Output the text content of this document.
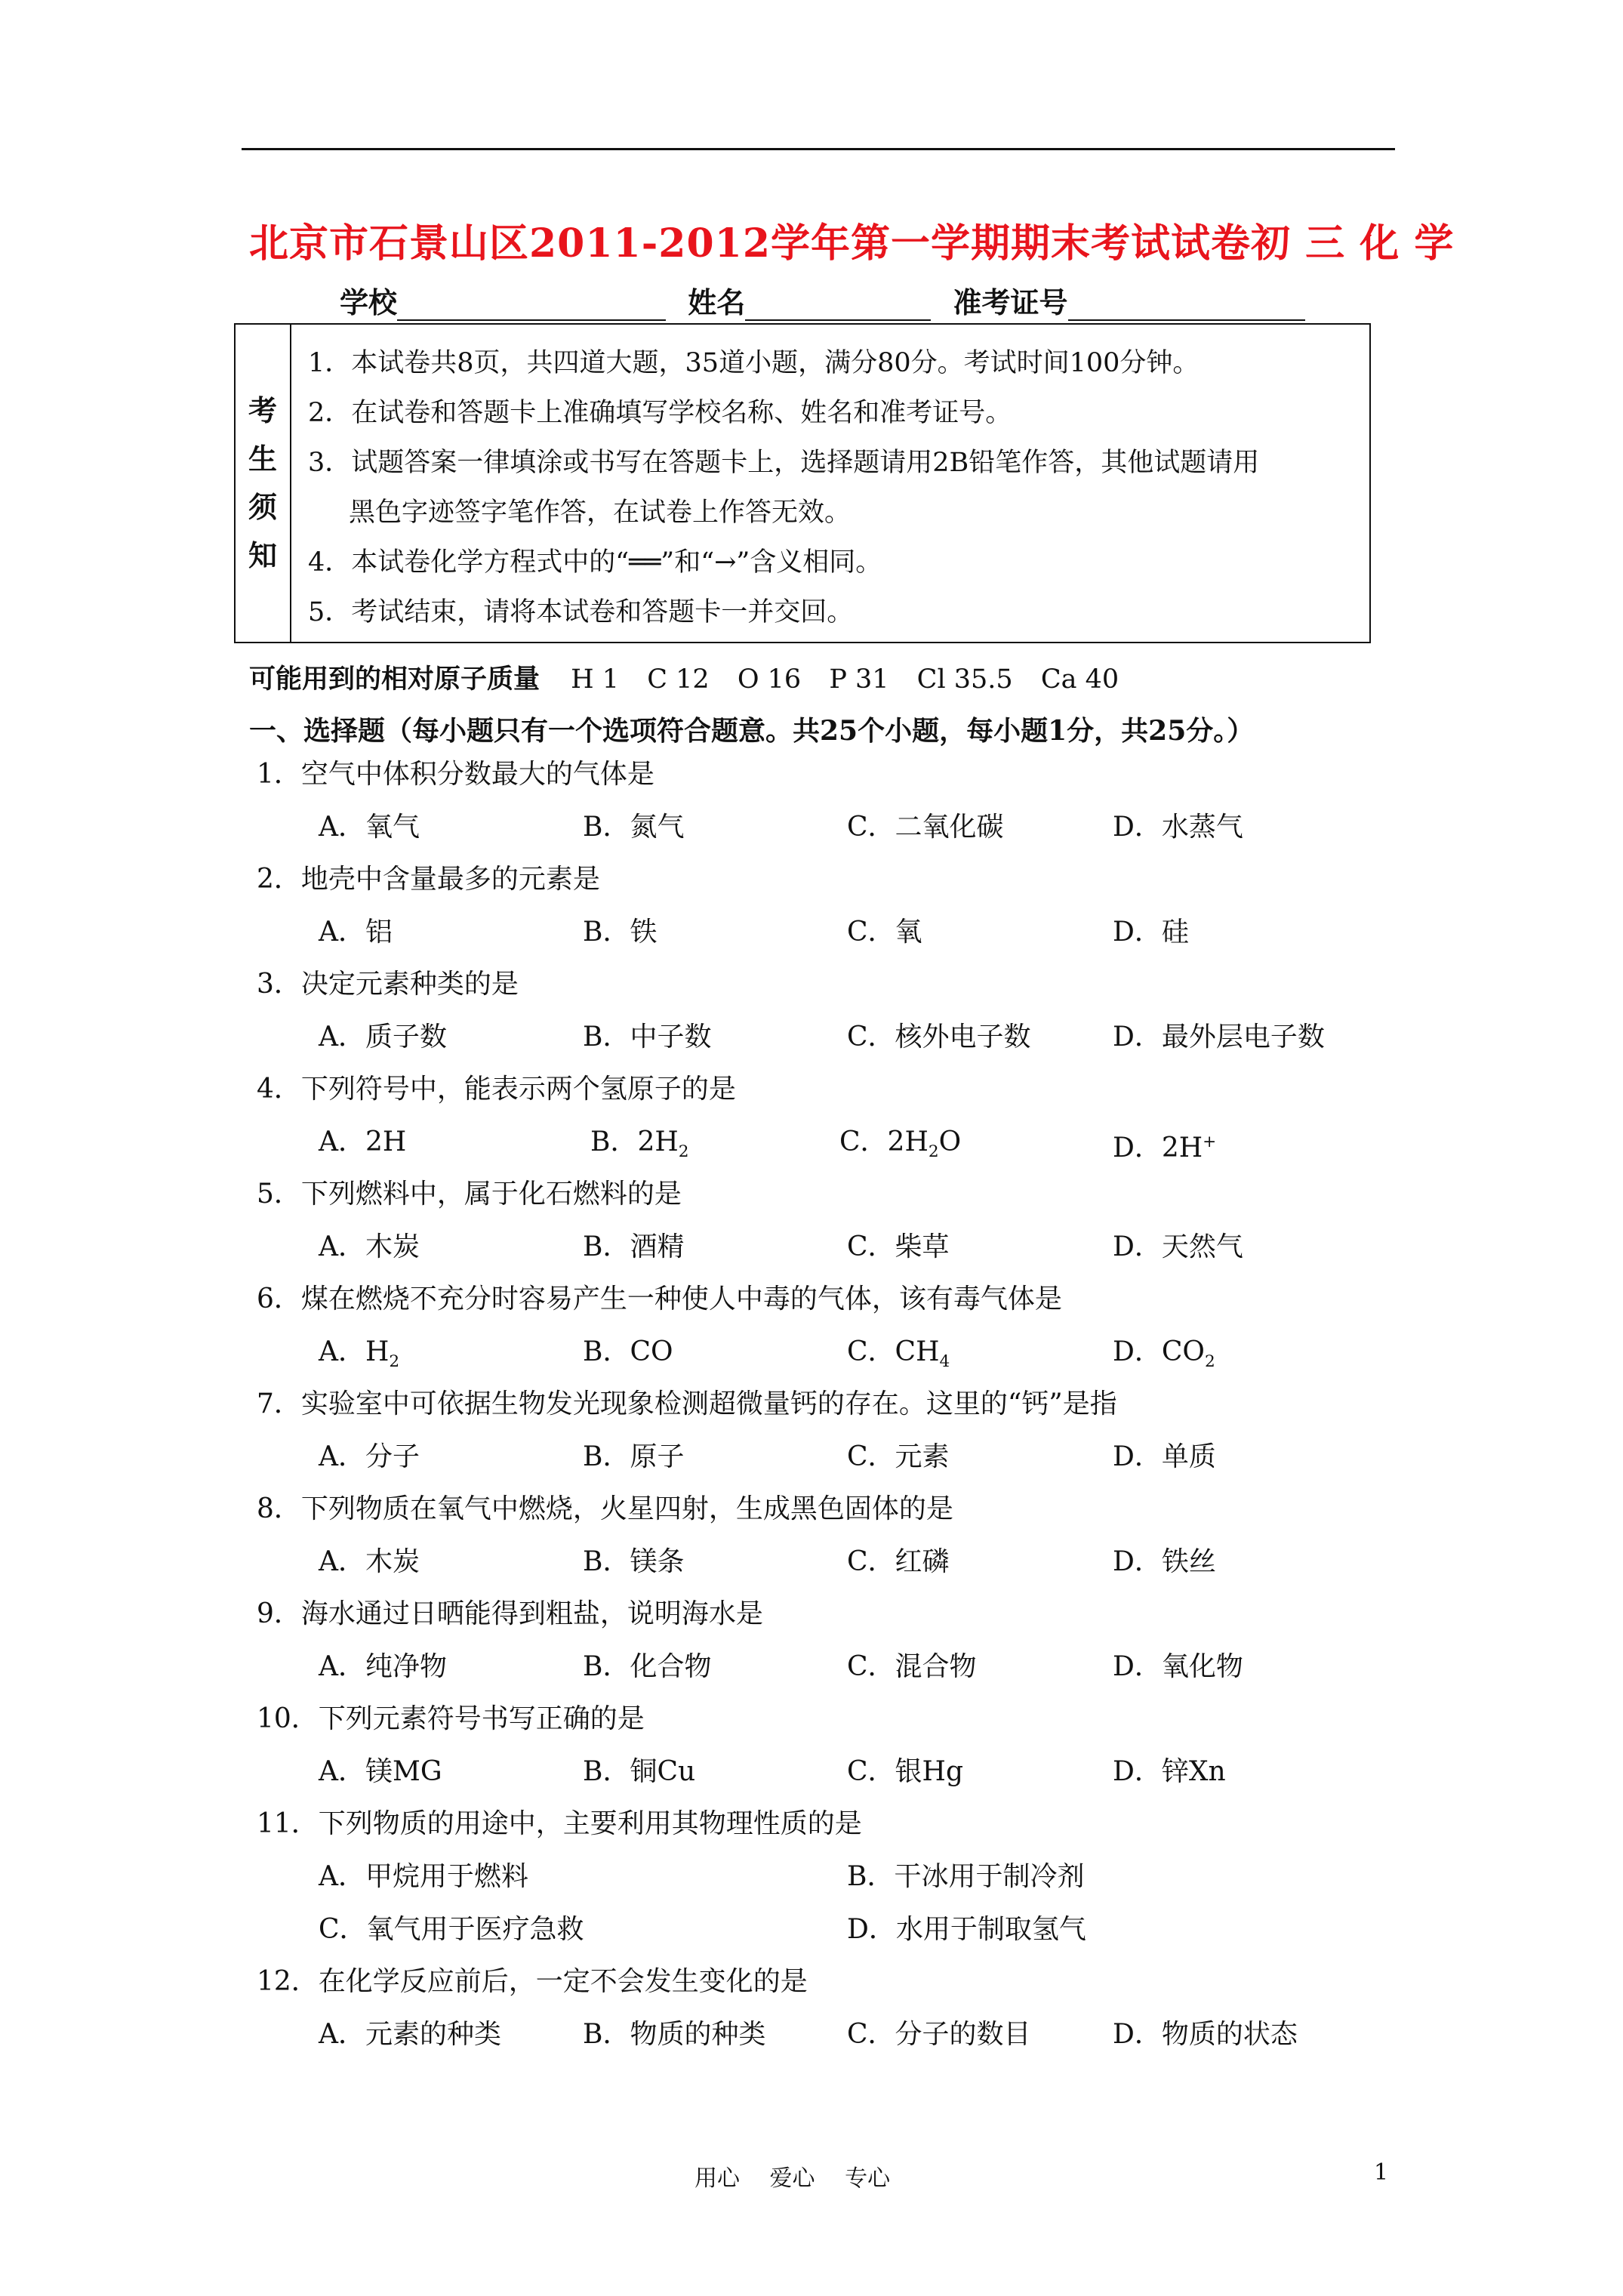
北京市石景山区2011-2012学年第一学期期末考试试卷初 三 化 学
学校	姓名	准考证号
考
生
须
知
1．本试卷共8页，共四道大题，35道小题，满分80分。考试时间100分钟。
2．在试卷和答题卡上准确填写学校名称、姓名和准考证号。
3．试题答案一律填涂或书写在答题卡上，选择题请用2B铅笔作答，其他试题请用
黑色字迹签字笔作答，在试卷上作答无效。
4．本试卷化学方程式中的“══”和“→”含义相同。
5．考试结束，请将本试卷和答题卡一并交回。
可能用到的相对原子质量 H 1 C 12 O 16 P 31 Cl 35.5 Ca 40
一、选择题（每小题只有一个选项符合题意。共25个小题，每小题1分，共25分。）
1．空气中体积分数最大的气体是
A．氧气	B．氮气	C．二氧化碳	D．水蒸气
2．地壳中含量最多的元素是
A．铝	B．铁	C．氧	D．硅
3．决定元素种类的是
A．质子数	B．中子数	C．核外电子数	D．最外层电子数
4．下列符号中，能表示两个氢原子的是
A．2H	B．$2H_2$	C．$2H_2O$	D．2H+
5．下列燃料中，属于化石燃料的是
A．木炭	B．酒精	C．柴草	D．天然气
6．煤在燃烧不充分时容易产生一种使人中毒的气体，该有毒气体是
A．$H_2$	B．CO	C．$CH_4$	D．$CO_2$
7．实验室中可依据生物发光现象检测超微量钙的存在。这里的“钙”是指
A．分子	B．原子	C．元素	D．单质
8．下列物质在氧气中燃烧，火星四射，生成黑色固体的是
A．木炭	B．镁条	C．红磷	D．铁丝
9．海水通过日晒能得到粗盐，说明海水是
A．纯净物	B．化合物	C．混合物	D．氧化物
10．下列元素符号书写正确的是
A．镁MG	B．铜Cu	C．银Hg	D．锌Xn
11．下列物质的用途中，主要利用其物理性质的是
A．甲烷用于燃料	B．干冰用于制冷剂
C．氧气用于医疗急救	D．水用于制取氢气
12．在化学反应前后，一定不会发生变化的是
A．元素的种类	B．物质的种类	C．分子的数目	D．物质的状态
用心 爱心 专心	1
